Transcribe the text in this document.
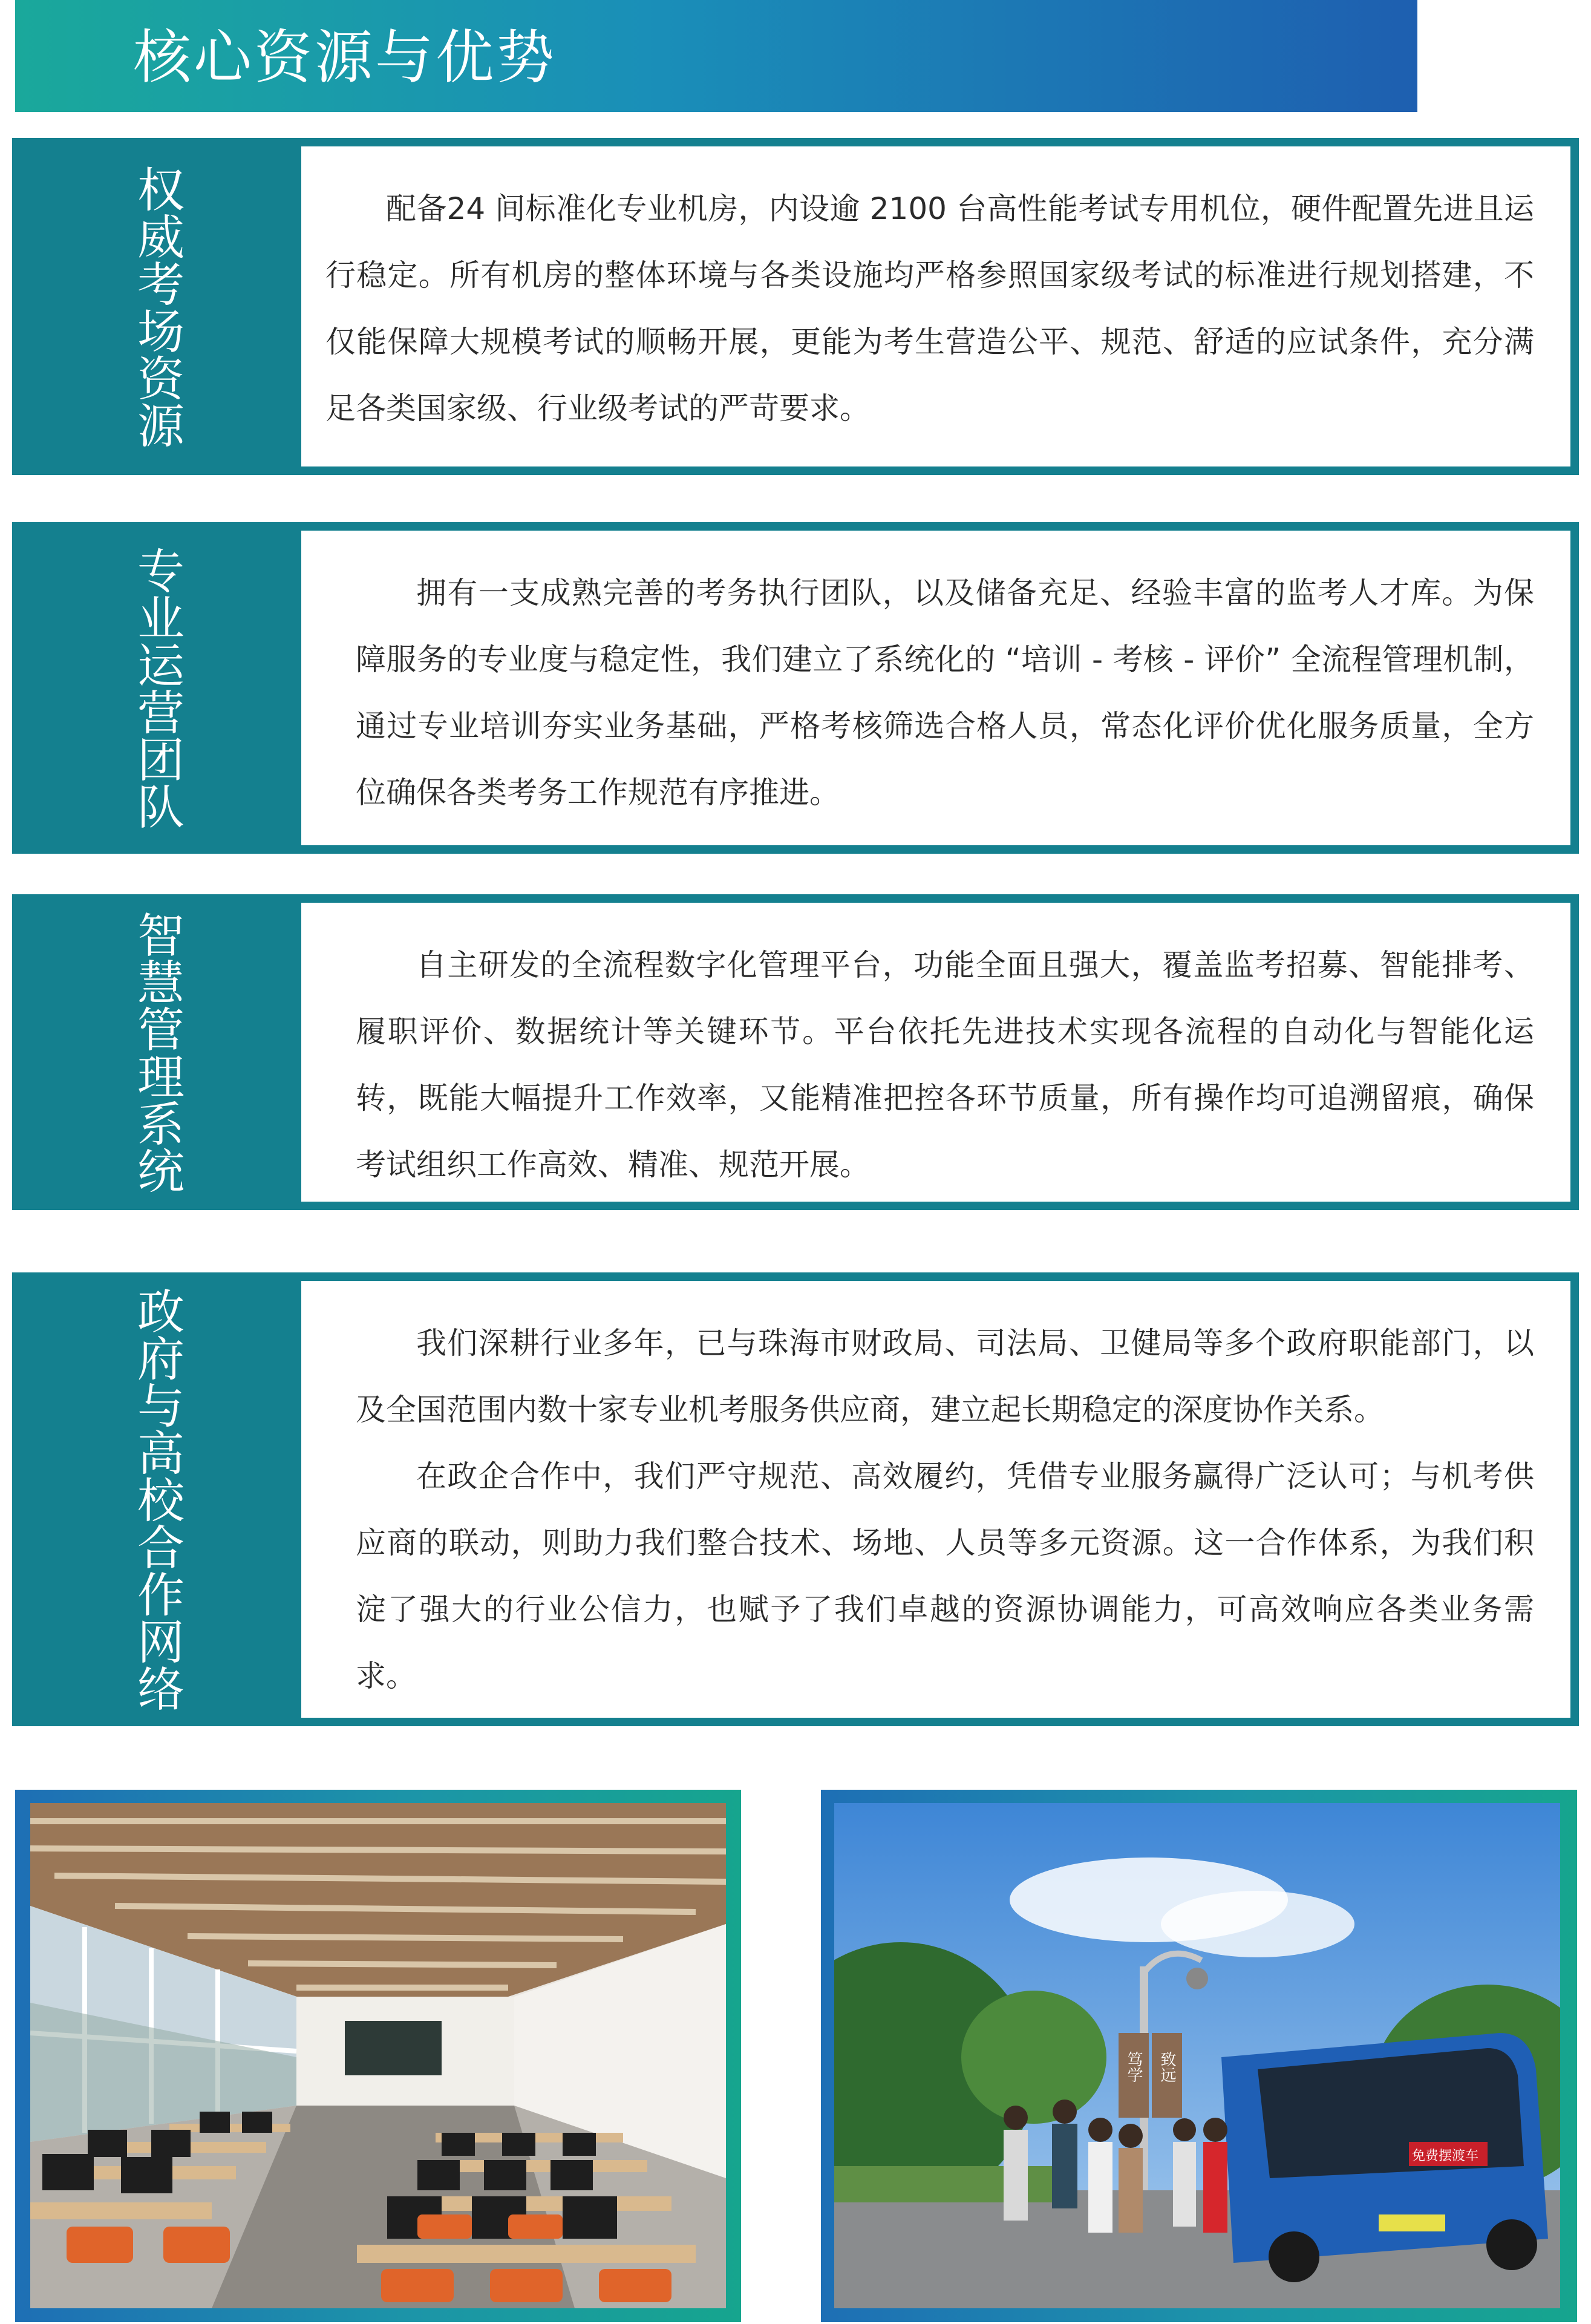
核心资源与优势
权威考场资源	配备24 间标准化专业机房，内设逾 2100 台高性能考试专用机位，硬件配置先进且运行稳定。所有机房的整体环境与各类设施均严格参照国家级考试的标准进行规划搭建，不仅能保障大规模考试的顺畅开展，更能为考生营造公平、规范、舒适的应试条件，充分满足各类国家级、行业级考试的严苛要求。

专业运营团队	拥有一支成熟完善的考务执行团队，以及储备充足、经验丰富的监考人才库。为保障服务的专业度与稳定性，我们建立了系统化的 “培训 - 考核 - 评价” 全流程管理机制，通过专业培训夯实业务基础，严格考核筛选合格人员，常态化评价优化服务质量，全方位确保各类考务工作规范有序推进。

智慧管理系统	自主研发的全流程数字化管理平台，功能全面且强大，覆盖监考招募、智能排考、履职评价、数据统计等关键环节。平台依托先进技术实现各流程的自动化与智能化运转，既能大幅提升工作效率，又能精准把控各环节质量，所有操作均可追溯留痕，确保考试组织工作高效、精准、规范开展。

政府与高校合作网络	我们深耕行业多年，已与珠海市财政局、司法局、卫健局等多个政府职能部门，以及全国范围内数十家专业机考服务供应商，建立起长期稳定的深度协作关系。

在政企合作中，我们严守规范、高效履约，凭借专业服务赢得广泛认可；与机考供应商的联动，则助力我们整合技术、场地、人员等多元资源。这一合作体系，为我们积淀了强大的行业公信力，也赋予了我们卓越的资源协调能力，可高效响应各类业务需求。

笃学 致远
免费摆渡车
